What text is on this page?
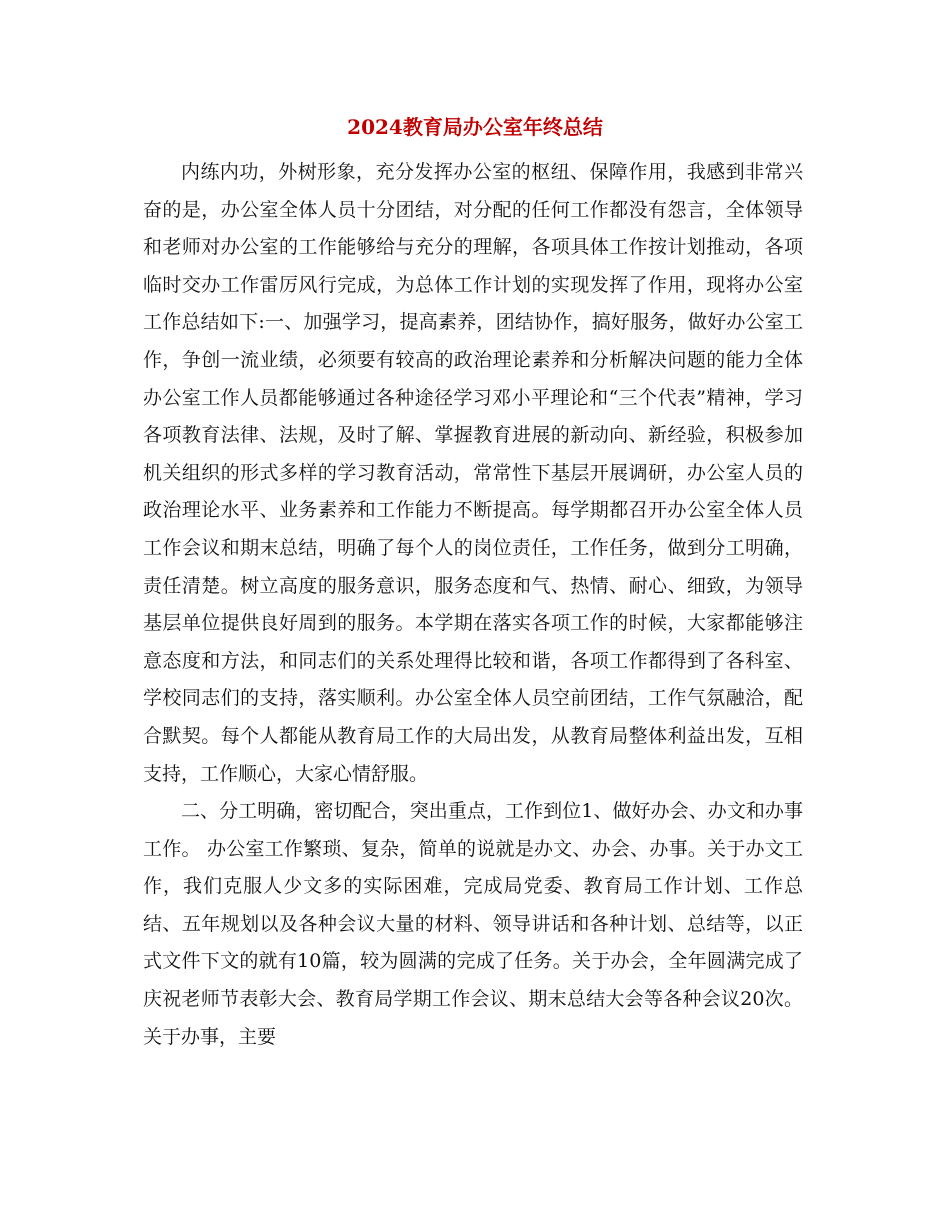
2024教育局办公室年终总结

内练内功，外树形象，充分发挥办公室的枢纽、保障作用，我感到非常兴奋的是，办公室全体人员十分团结，对分配的任何工作都没有怨言，全体领导和老师对办公室的工作能够给与充分的理解，各项具体工作按计划推动，各项临时交办工作雷厉风行完成，为总体工作计划的实现发挥了作用，现将办公室工作总结如下:一、加强学习，提高素养，团结协作，搞好服务，做好办公室工作，争创一流业绩，必须要有较高的政治理论素养和分析解决问题的能力全体办公室工作人员都能够通过各种途径学习邓小平理论和“三个代表”精神，学习各项教育法律、法规，及时了解、掌握教育进展的新动向、新经验，积极参加机关组织的形式多样的学习教育活动，常常性下基层开展调研，办公室人员的政治理论水平、业务素养和工作能力不断提高。每学期都召开办公室全体人员工作会议和期末总结，明确了每个人的岗位责任，工作任务，做到分工明确，责任清楚。树立高度的服务意识，服务态度和气、热情、耐心、细致，为领导基层单位提供良好周到的服务。本学期在落实各项工作的时候，大家都能够注意态度和方法，和同志们的关系处理得比较和谐，各项工作都得到了各科室、学校同志们的支持，落实顺利。办公室全体人员空前团结，工作气氛融洽，配合默契。每个人都能从教育局工作的大局出发，从教育局整体利益出发，互相支持，工作顺心，大家心情舒服。

二、分工明确，密切配合，突出重点，工作到位1、做好办会、办文和办事工作。 办公室工作繁琐、复杂，简单的说就是办文、办会、办事。关于办文工作，我们克服人少文多的实际困难，完成局党委、教育局工作计划、工作总结、五年规划以及各种会议大量的材料、领导讲话和各种计划、总结等，以正式文件下文的就有10篇，较为圆满的完成了任务。关于办会，全年圆满完成了庆祝老师节表彰大会、教育局学期工作会议、期末总结大会等各种会议20次。关于办事，主要
